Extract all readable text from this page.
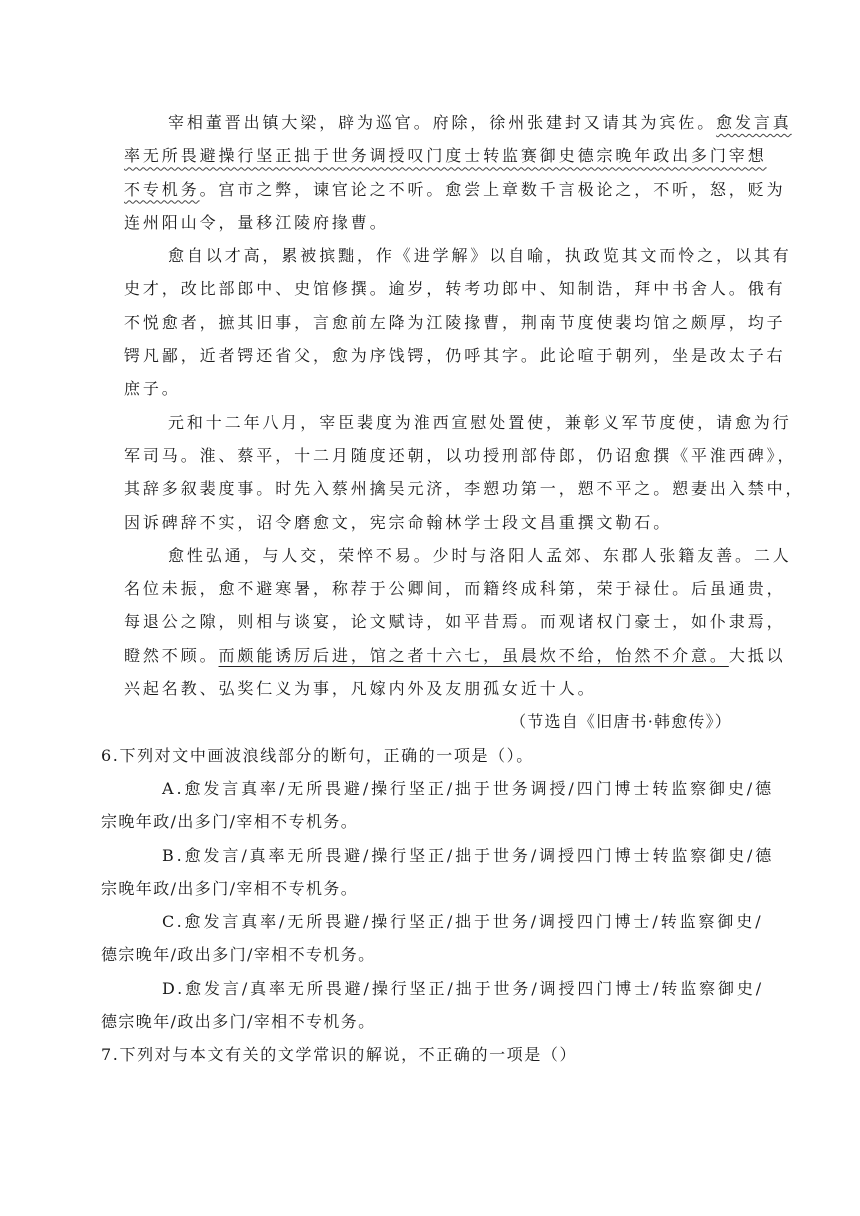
宰相董晋出镇大梁，辟为巡官。府除，徐州张建封又请其为宾佐。愈发言真
率无所畏避操行坚正拙于世务调授叹门度士转监赛御史德宗晚年政出多门宰想
不专机务。宫市之弊，谏官论之不听。愈尝上章数千言极论之，不听，怒，贬为
连州阳山令，量移江陵府掾曹。
愈自以才高，累被摈黜，作《进学解》以自喻，执政览其文而怜之，以其有
史才，改比部郎中、史馆修撰。逾岁，转考功郎中、知制诰，拜中书舍人。俄有
不悦愈者，摭其旧事，言愈前左降为江陵掾曹，荆南节度使裴均馆之颇厚，均子
锷凡鄙，近者锷还省父，愈为序饯锷，仍呼其字。此论喧于朝列，坐是改太子右
庶子。
元和十二年八月，宰臣裴度为淮西宣慰处置使，兼彰义军节度使，请愈为行
军司马。淮、蔡平，十二月随度还朝，以功授刑部侍郎，仍诏愈撰《平淮西碑》，
其辞多叙裴度事。时先入蔡州擒吴元济，李愬功第一，愬不平之。愬妻出入禁中，
因诉碑辞不实，诏令磨愈文，宪宗命翰林学士段文昌重撰文勒石。
愈性弘通，与人交，荣悴不易。少时与洛阳人孟郊、东郡人张籍友善。二人
名位未振，愈不避寒暑，称荐于公卿间，而籍终成科第，荣于禄仕。后虽通贵，
每退公之隙，则相与谈宴，论文赋诗，如平昔焉。而观诸权门豪士，如仆隶焉，
瞪然不顾。而颇能诱厉后进，馆之者十六七，虽晨炊不给，怡然不介意。大抵以
兴起名教、弘奖仁义为事，凡嫁内外及友朋孤女近十人。
（节选自《旧唐书·韩愈传》）
6.下列对文中画波浪线部分的断句，正确的一项是（）。
A.愈发言真率/无所畏避/操行坚正/拙于世务调授/四门博士转监察御史/德
宗晚年政/出多门/宰相不专机务。
B.愈发言/真率无所畏避/操行坚正/拙于世务/调授四门博士转监察御史/德
宗晚年政/出多门/宰相不专机务。
C.愈发言真率/无所畏避/操行坚正/拙于世务/调授四门博士/转监察御史/
德宗晚年/政出多门/宰相不专机务。
D.愈发言/真率无所畏避/操行坚正/拙于世务/调授四门博士/转监察御史/
德宗晚年/政出多门/宰相不专机务。
7.下列对与本文有关的文学常识的解说，不正确的一项是（）
